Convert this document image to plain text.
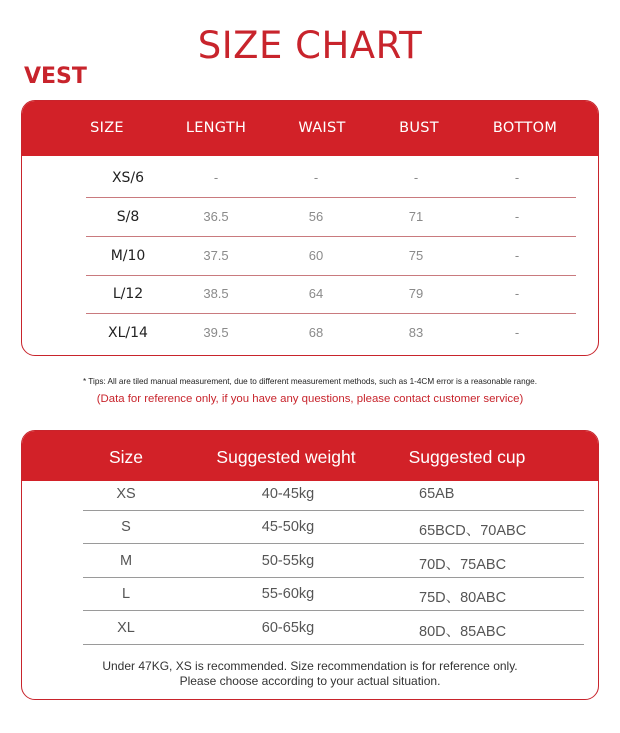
SIZE CHART
VEST
SIZE	LENGTH	WAIST	BUST	BOTTOM
XS/6	-	-	-	-
S/8	36.5	56	71	-
M/10	37.5	60	75	-
L/12	38.5	64	79	-
XL/14	39.5	68	83	-
* Tips: All are tiled manual measurement, due to different measurement methods, such as 1-4CM error is a reasonable range.
(Data for reference only, if you have any questions, please contact customer service)
Size	Suggested weight	Suggested cup
XS	40-45kg	65AB
S	45-50kg	65BCD、70ABC
M	50-55kg	70D、75ABC
L	55-60kg	75D、80ABC
XL	60-65kg	80D、85ABC
Under 47KG, XS is recommended. Size recommendation is for reference only.
Please choose according to your actual situation.
